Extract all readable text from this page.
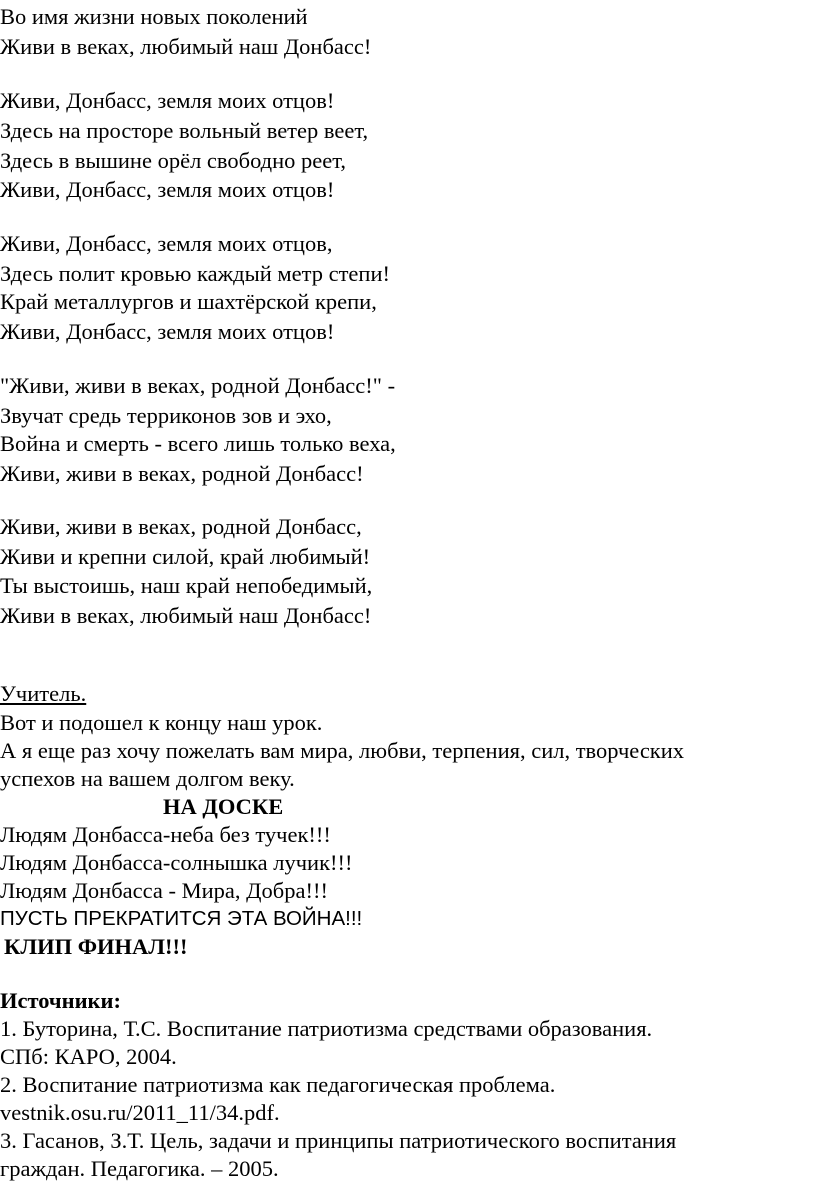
Во имя жизни новых поколений
Живи в веках, любимый наш Донбасс!
Живи, Донбасс, земля моих отцов!
Здесь на просторе вольный ветер веет,
Здесь в вышине орёл свободно реет,
Живи, Донбасс, земля моих отцов!
Живи, Донбасс, земля моих отцов,
Здесь полит кровью каждый метр степи!
Край металлургов и шахтёрской крепи,
Живи, Донбасс, земля моих отцов!
"Живи, живи в веках, родной Донбасс!" -
Звучат средь терриконов зов и эхо,
Война и смерть - всего лишь только веха,
Живи, живи в веках, родной Донбасс!
Живи, живи в веках, родной Донбасс,
Живи и крепни силой, край любимый!
Ты выстоишь, наш край непобедимый,
Живи в веках, любимый наш Донбасс!
Учитель.
Вот и подошел к концу наш урок.
А я еще раз хочу пожелать вам мира, любви, терпения, сил, творческих
успехов на вашем долгом веку.
НА ДОСКЕ
Людям Донбасса-неба без тучек!!!
Людям Донбасса-солнышка лучик!!!
Людям Донбасса - Мира, Добра!!!
ПУСТЬ ПРЕКРАТИТСЯ ЭТА ВОЙНА!!!
КЛИП ФИНАЛ!!!
Источники:
1. Буторина, Т.С. Воспитание патриотизма средствами образования.
СПб: КАРО, 2004.
2. Воспитание патриотизма как педагогическая проблема.
vestnik.osu.ru/2011_11/34.pdf.
3. Гасанов, З.Т. Цель, задачи и принципы патриотического воспитания
граждан. Педагогика. – 2005.
